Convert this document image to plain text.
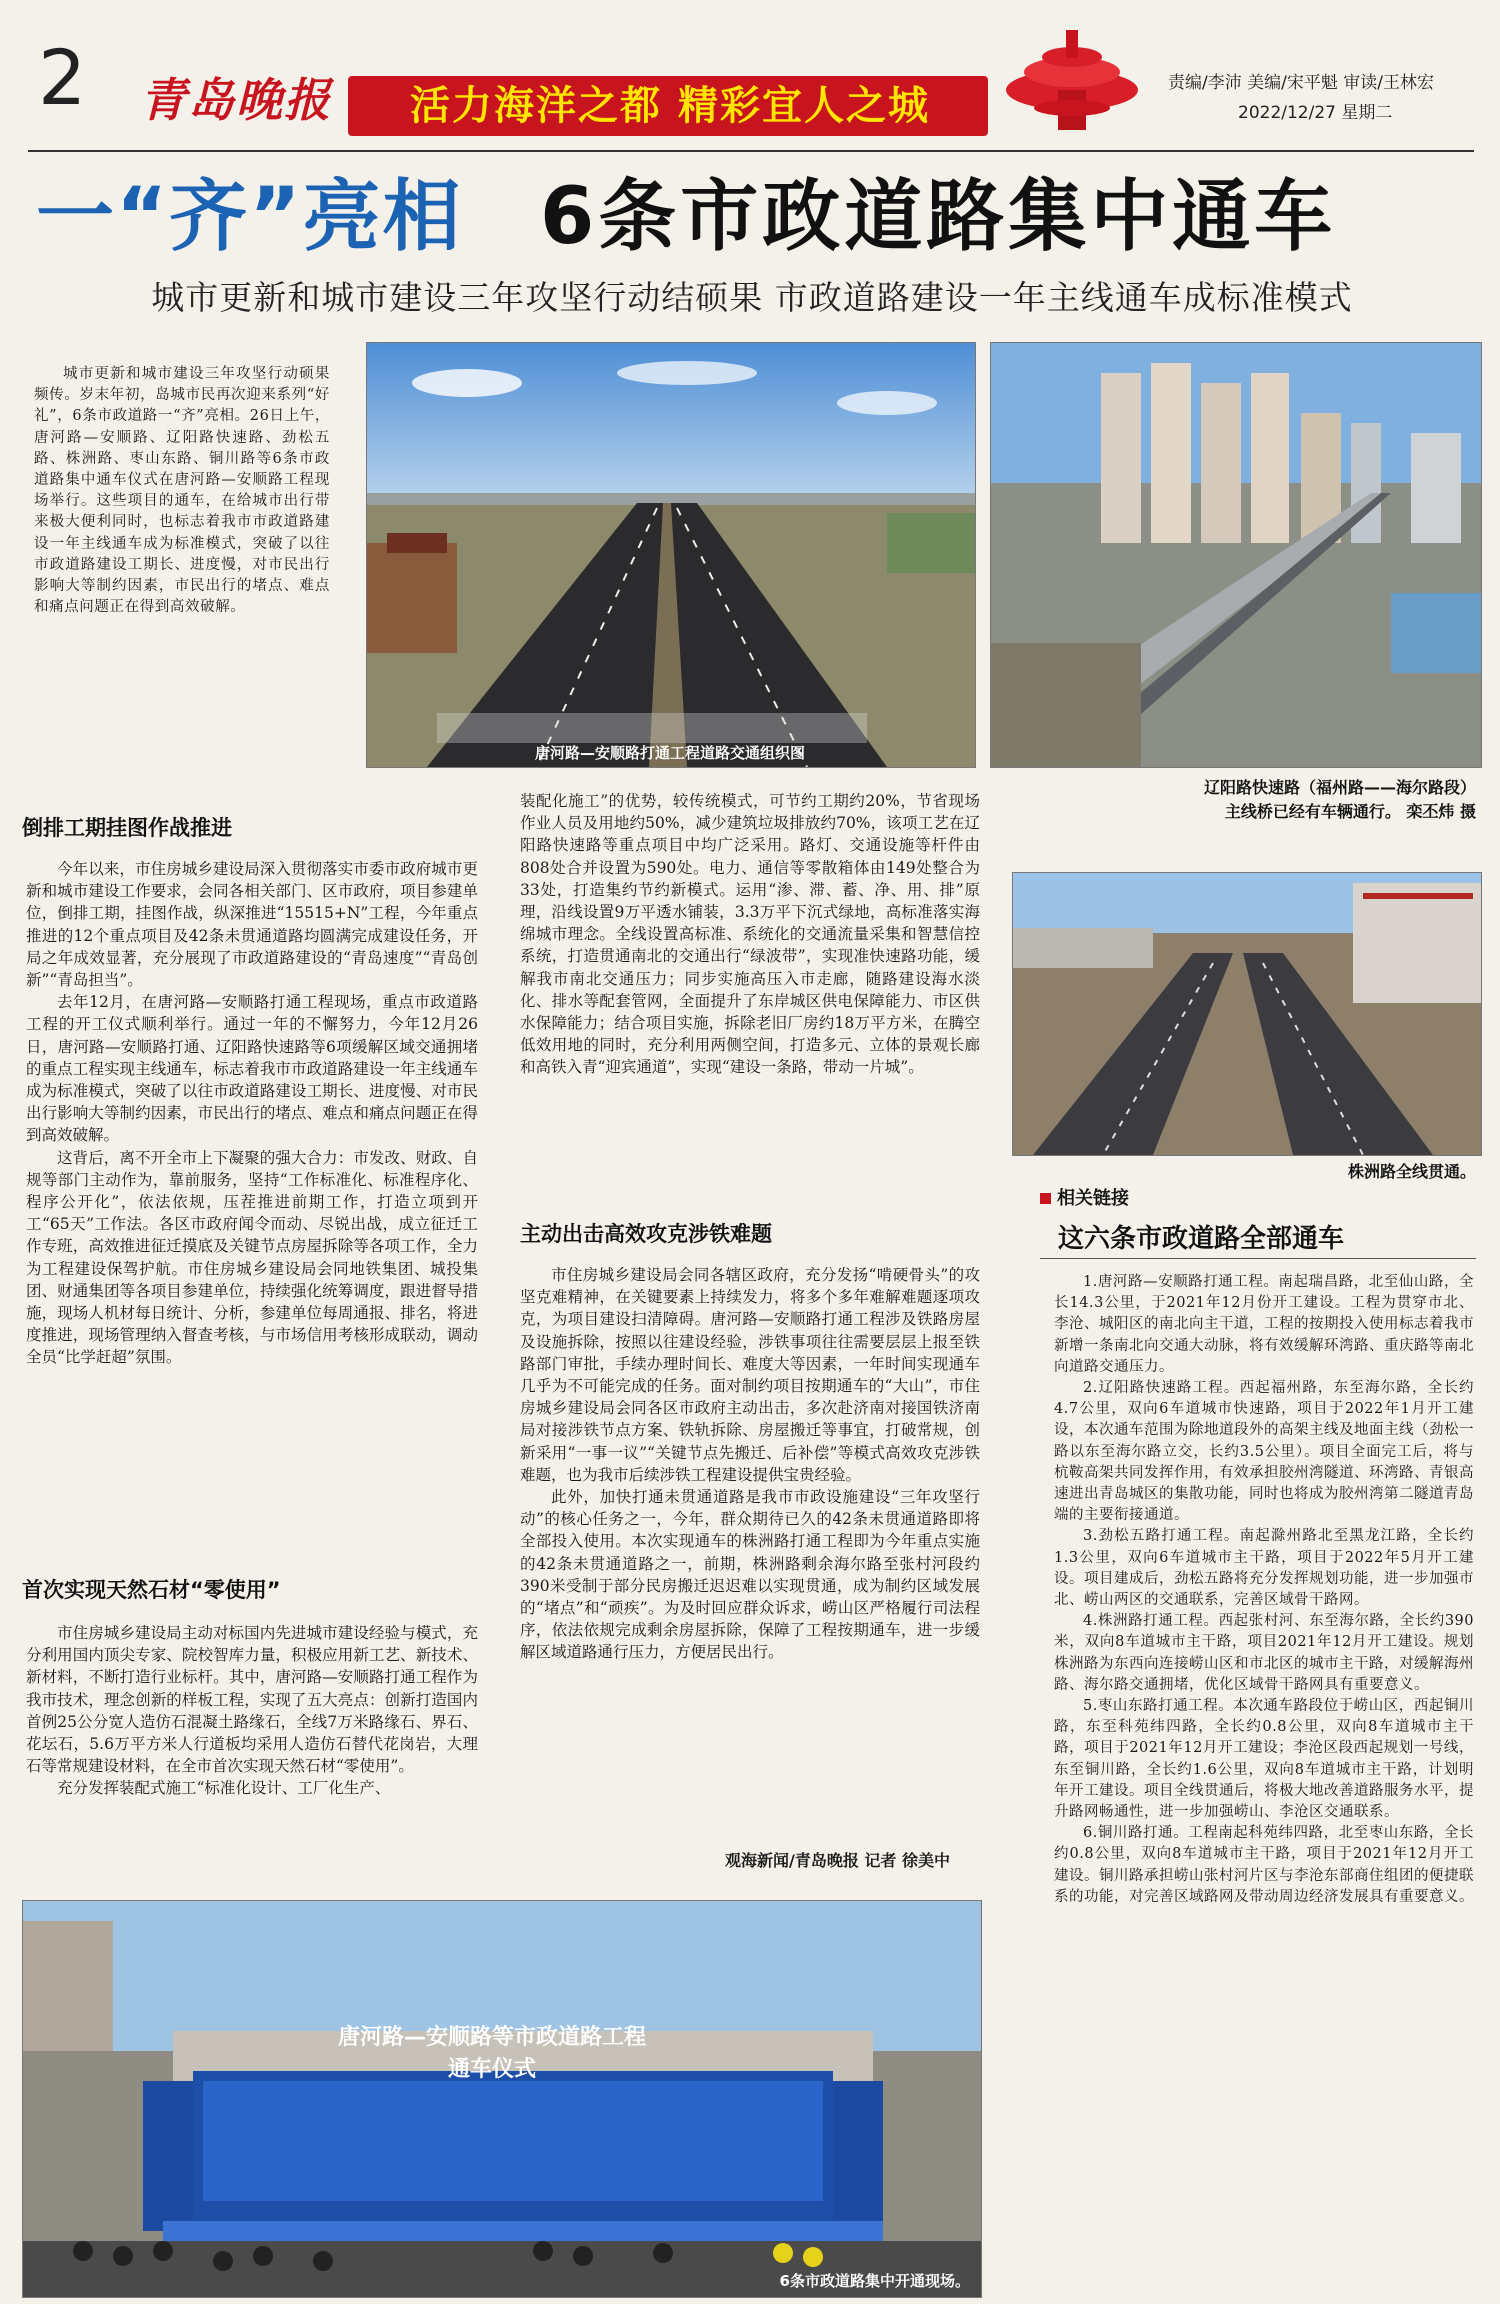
2 青岛晚报	活力海洋之都 精彩宜人之城	责编/李沛 美编/宋平魁 审读/王林宏
2022/12/27 星期二
一“齐”亮相 6条市政道路集中通车
城市更新和城市建设三年攻坚行动结硕果 市政道路建设一年主线通车成标准模式

城市更新和城市建设三年攻坚行动硕果频传。岁末年初，岛城市民再次迎来系列“好礼”，6条市政道路一“齐”亮相。26日上午，唐河路—安顺路、辽阳路快速路、劲松五路、株洲路、枣山东路、铜川路等6条市政道路集中通车仪式在唐河路—安顺路工程现场举行。这些项目的通车，在给城市出行带来极大便利同时，也标志着我市市政道路建设一年主线通车成为标准模式，突破了以往市政道路建设工期长、进度慢，对市民出行影响大等制约因素，市民出行的堵点、难点和痛点问题正在得到高效破解。

唐河路—安顺路打通工程道路交通组织图
辽阳路快速路（福州路——海尔路段）
主线桥已经有车辆通行。 栾丕炜 摄
株洲路全线贯通。
倒排工期挂图作战推进

今年以来，市住房城乡建设局深入贯彻落实市委市政府城市更新和城市建设工作要求，会同各相关部门、区市政府，项目参建单位，倒排工期，挂图作战，纵深推进“15515+N”工程，今年重点推进的12个重点项目及42条未贯通道路均圆满完成建设任务，开局之年成效显著，充分展现了市政道路建设的“青岛速度”“青岛创新”“青岛担当”。

去年12月，在唐河路—安顺路打通工程现场，重点市政道路工程的开工仪式顺利举行。通过一年的不懈努力，今年12月26日，唐河路—安顺路打通、辽阳路快速路等6项缓解区域交通拥堵的重点工程实现主线通车，标志着我市市政道路建设一年主线通车成为标准模式，突破了以往市政道路建设工期长、进度慢、对市民出行影响大等制约因素，市民出行的堵点、难点和痛点问题正在得到高效破解。

这背后，离不开全市上下凝聚的强大合力：市发改、财政、自规等部门主动作为，靠前服务，坚持“工作标准化、标准程序化、程序公开化”，依法依规，压茬推进前期工作，打造立项到开工“65天”工作法。各区市政府闻令而动、尽锐出战，成立征迁工作专班，高效推进征迁摸底及关键节点房屋拆除等各项工作，全力为工程建设保驾护航。市住房城乡建设局会同地铁集团、城投集团、财通集团等各项目参建单位，持续强化统筹调度，跟进督导措施，现场人机材每日统计、分析，参建单位每周通报、排名，将进度推进，现场管理纳入督查考核，与市场信用考核形成联动，调动全员“比学赶超”氛围。

首次实现天然石材“零使用”

市住房城乡建设局主动对标国内先进城市建设经验与模式，充分利用国内顶尖专家、院校智库力量，积极应用新工艺、新技术、新材料，不断打造行业标杆。其中，唐河路—安顺路打通工程作为我市技术，理念创新的样板工程，实现了五大亮点：创新打造国内首例25公分宽人造仿石混凝土路缘石，全线7万米路缘石、界石、花坛石，5.6万平方米人行道板均采用人造仿石替代花岗岩，大理石等常规建设材料，在全市首次实现天然石材“零使用”。

充分发挥装配式施工“标准化设计、工厂化生产、

装配化施工”的优势，较传统模式，可节约工期约20%，节省现场作业人员及用地约50%，减少建筑垃圾排放约70%，该项工艺在辽阳路快速路等重点项目中均广泛采用。路灯、交通设施等杆件由808处合并设置为590处。电力、通信等零散箱体由149处整合为33处，打造集约节约新模式。运用“渗、滞、蓄、净、用、排”原理，沿线设置9万平透水铺装，3.3万平下沉式绿地，高标准落实海绵城市理念。全线设置高标准、系统化的交通流量采集和智慧信控系统，打造贯通南北的交通出行“绿波带”，实现准快速路功能，缓解我市南北交通压力；同步实施高压入市走廊，随路建设海水淡化、排水等配套管网，全面提升了东岸城区供电保障能力、市区供水保障能力；结合项目实施，拆除老旧厂房约18万平方米，在腾空低效用地的同时，充分利用两侧空间，打造多元、立体的景观长廊和高铁入青“迎宾通道”，实现“建设一条路，带动一片城”。

主动出击高效攻克涉铁难题

市住房城乡建设局会同各辖区政府，充分发扬“啃硬骨头”的攻坚克难精神，在关键要素上持续发力，将多个多年难解难题逐项攻克，为项目建设扫清障碍。唐河路—安顺路打通工程涉及铁路房屋及设施拆除，按照以往建设经验，涉铁事项往往需要层层上报至铁路部门审批，手续办理时间长、难度大等因素，一年时间实现通车几乎为不可能完成的任务。面对制约项目按期通车的“大山”，市住房城乡建设局会同各区市政府主动出击，多次赴济南对接国铁济南局对接涉铁节点方案、铁轨拆除、房屋搬迁等事宜，打破常规，创新采用“一事一议”“关键节点先搬迁、后补偿”等模式高效攻克涉铁难题，也为我市后续涉铁工程建设提供宝贵经验。

此外，加快打通未贯通道路是我市市政设施建设“三年攻坚行动”的核心任务之一，今年，群众期待已久的42条未贯通道路即将全部投入使用。本次实现通车的株洲路打通工程即为今年重点实施的42条未贯通道路之一，前期，株洲路剩余海尔路至张村河段约390米受制于部分民房搬迁迟迟难以实现贯通，成为制约区域发展的“堵点”和“顽疾”。为及时回应群众诉求，崂山区严格履行司法程序，依法依规完成剩余房屋拆除，保障了工程按期通车，进一步缓解区域道路通行压力，方便居民出行。

观海新闻/青岛晚报 记者 徐美中
相关链接
这六条市政道路全部通车

1.唐河路—安顺路打通工程。南起瑞昌路，北至仙山路，全长14.3公里，于2021年12月份开工建设。工程为贯穿市北、李沧、城阳区的南北向主干道，工程的按期投入使用标志着我市新增一条南北向交通大动脉，将有效缓解环湾路、重庆路等南北向道路交通压力。

2.辽阳路快速路工程。西起福州路，东至海尔路，全长约4.7公里，双向6车道城市快速路，项目于2022年1月开工建设，本次通车范围为除地道段外的高架主线及地面主线（劲松一路以东至海尔路立交，长约3.5公里）。项目全面完工后，将与杭鞍高架共同发挥作用，有效承担胶州湾隧道、环湾路、青银高速进出青岛城区的集散功能，同时也将成为胶州湾第二隧道青岛端的主要衔接通道。

3.劲松五路打通工程。南起滁州路北至黑龙江路，全长约1.3公里，双向6车道城市主干路，项目于2022年5月开工建设。项目建成后，劲松五路将充分发挥规划功能，进一步加强市北、崂山两区的交通联系，完善区域骨干路网。

4.株洲路打通工程。西起张村河、东至海尔路，全长约390米，双向8车道城市主干路，项目2021年12月开工建设。规划株洲路为东西向连接崂山区和市北区的城市主干路，对缓解海州路、海尔路交通拥堵，优化区域骨干路网具有重要意义。

5.枣山东路打通工程。本次通车路段位于崂山区，西起铜川路，东至科苑纬四路，全长约0.8公里，双向8车道城市主干路，项目于2021年12月开工建设；李沧区段西起规划一号线，东至铜川路，全长约1.6公里，双向8车道城市主干路，计划明年开工建设。项目全线贯通后，将极大地改善道路服务水平，提升路网畅通性，进一步加强崂山、李沧区交通联系。

6.铜川路打通。工程南起科苑纬四路，北至枣山东路，全长约0.8公里，双向8车道城市主干路，项目于2021年12月开工建设。铜川路承担崂山张村河片区与李沧东部商住组团的便捷联系的功能，对完善区域路网及带动周边经济发展具有重要意义。

唐河路—安顺路等市政道路工程
通车仪式
6条市政道路集中开通现场。
